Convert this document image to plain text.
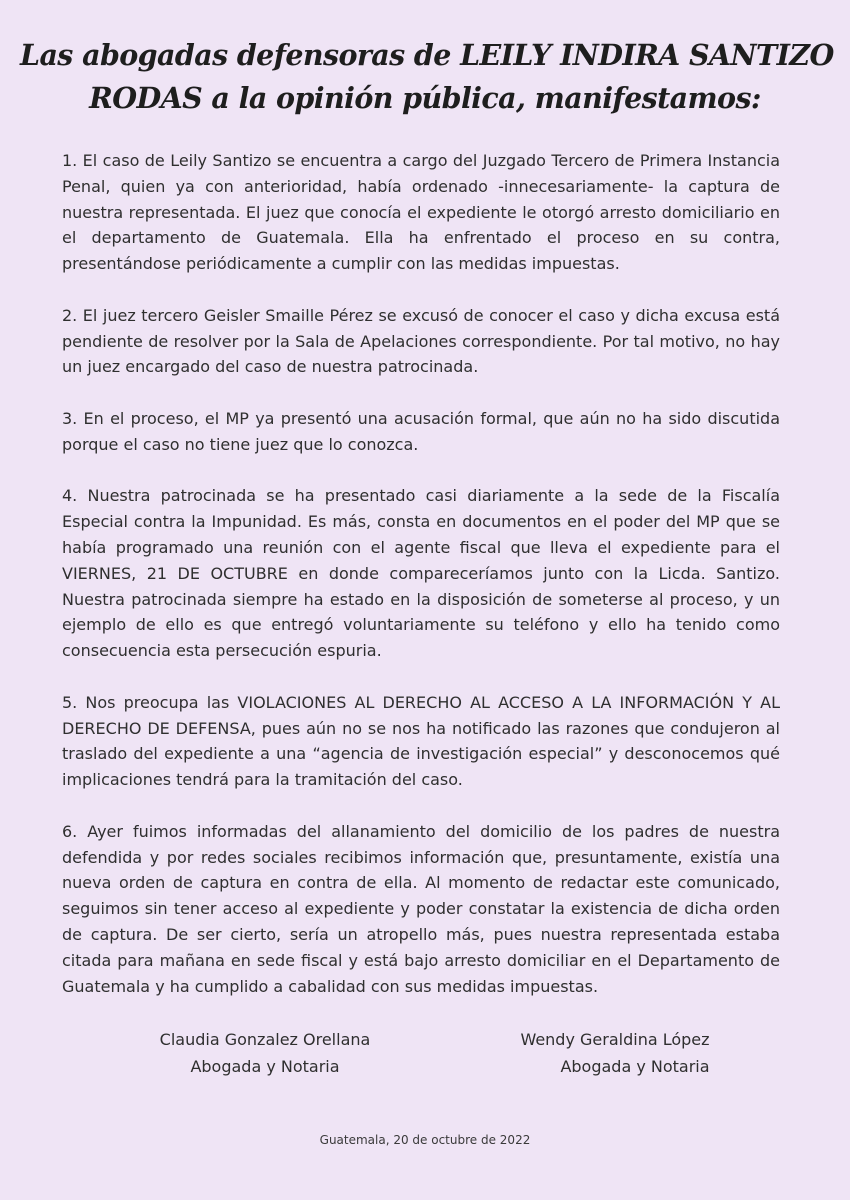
Las abogadas defensoras de LEILY INDIRA SANTIZO
RODAS a la opinión pública, manifestamos:

1. El caso de Leily Santizo se encuentra a cargo del Juzgado Tercero de Primera Instancia Penal, quien ya con anterioridad, había ordenado -innecesariamente- la captura de nuestra representada. El juez que conocía el expediente le otorgó arresto domiciliario en el departamento de Guatemala. Ella ha enfrentado el proceso en su contra, presentándose periódicamente a cumplir con las medidas impuestas.

2. El juez tercero Geisler Smaille Pérez se excusó de conocer el caso y dicha excusa está pendiente de resolver por la Sala de Apelaciones correspondiente. Por tal motivo, no hay un juez encargado del caso de nuestra patrocinada.

3. En el proceso, el MP ya presentó una acusación formal, que aún no ha sido discutida porque el caso no tiene juez que lo conozca.

4. Nuestra patrocinada se ha presentado casi diariamente a la sede de la Fiscalía Especial contra la Impunidad. Es más, consta en documentos en el poder del MP que se había programado una reunión con el agente fiscal que lleva el expediente para el VIERNES, 21 DE OCTUBRE en donde compareceríamos junto con la Licda. Santizo. Nuestra patrocinada siempre ha estado en la disposición de someterse al proceso, y un ejemplo de ello es que entregó voluntariamente su teléfono y ello ha tenido como consecuencia esta persecución espuria.

5. Nos preocupa las VIOLACIONES AL DERECHO AL ACCESO A LA INFORMACIÓN Y AL DERECHO DE DEFENSA, pues aún no se nos ha notificado las razones que condujeron al traslado del expediente a una “agencia de investigación especial” y desconocemos qué implicaciones tendrá para la tramitación del caso.

6. Ayer fuimos informadas del allanamiento del domicilio de los padres de nuestra defendida y por redes sociales recibimos información que, presuntamente, existía una nueva orden de captura en contra de ella. Al momento de redactar este comunicado, seguimos sin tener acceso al expediente y poder constatar la existencia de dicha orden de captura. De ser cierto, sería un atropello más, pues nuestra representada estaba citada para mañana en sede fiscal y está bajo arresto domiciliar en el Departamento de Guatemala y ha cumplido a cabalidad con sus medidas impuestas.

Claudia Gonzalez Orellana
Abogada y Notaria
Wendy Geraldina López
Abogada y Notaria
Guatemala, 20 de octubre de 2022
